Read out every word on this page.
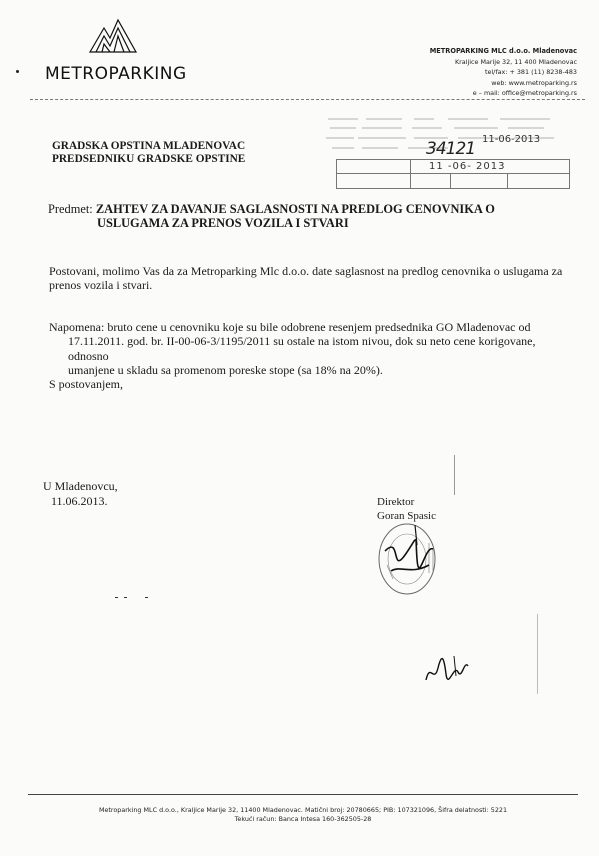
METROPARKING
METROPARKING MLC d.o.o. Mladenovac
Kraljice Marije 32, 11 400 Mladenovac
tel/fax: + 381 (11) 8238-483
web: www.metroparking.rs
e – mail: office@metroparking.rs
GRADSKA OPSTINA MLADENOVAC
PREDSEDNIKU GRADSKE OPSTINE
11 -06- 2013
11-06-2013
34121
Predmet: ZAHTEV ZA DAVANJE SAGLASNOSTI NA PREDLOG CENOVNIKA O
USLUGAMA ZA PRENOS VOZILA I STVARI
Postovani, molimo Vas da za Metroparking Mlc d.o.o. date saglasnost na predlog cenovnika o uslugama za prenos vozila i stvari.
Napomena: bruto cene u cenovniku koje su bile odobrene resenjem predsednika GO Mladenovac od
17.11.2011. god. br. II-00-06-3/1195/2011 su ostale na istom nivou, dok su neto cene korigovane, odnosno
umanjene u skladu sa promenom poreske stope (sa 18% na 20%).
S postovanjem,
U Mladenovcu,
11.06.2013.	Direktor
Goran Spasic
Metroparking MLC d.o.o., Kraljice Marije 32, 11400 Mladenovac. Matični broj: 20780665; PIB: 107321096, Šifra delatnosti: 5221
Tekući račun: Banca Intesa 160-362505-28
